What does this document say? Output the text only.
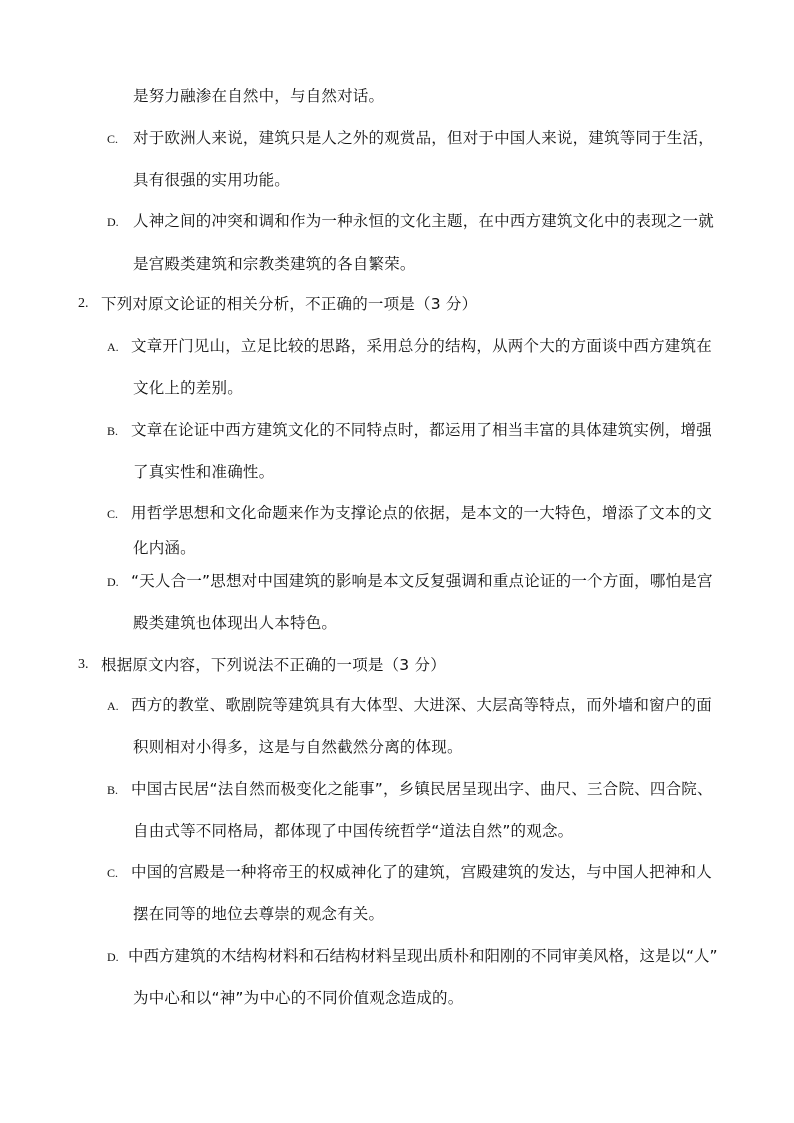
是努力融渗在自然中，与自然对话。
C. 对于欧洲人来说，建筑只是人之外的观赏品，但对于中国人来说，建筑等同于生活，
具有很强的实用功能。
D. 人神之间的冲突和调和作为一种永恒的文化主题，在中西方建筑文化中的表现之一就
是宫殿类建筑和宗教类建筑的各自繁荣。
2. 下列对原文论证的相关分析，不正确的一项是（3 分）
A. 文章开门见山，立足比较的思路，采用总分的结构，从两个大的方面谈中西方建筑在
文化上的差别。
B. 文章在论证中西方建筑文化的不同特点时，都运用了相当丰富的具体建筑实例，增强
了真实性和准确性。
C. 用哲学思想和文化命题来作为支撑论点的依据，是本文的一大特色，增添了文本的文
化内涵。
D. “天人合一”思想对中国建筑的影响是本文反复强调和重点论证的一个方面，哪怕是宫
殿类建筑也体现出人本特色。
3. 根据原文内容，下列说法不正确的一项是（3 分）
A. 西方的教堂、歌剧院等建筑具有大体型、大进深、大层高等特点，而外墙和窗户的面
积则相对小得多，这是与自然截然分离的体现。
B. 中国古民居“法自然而极变化之能事”，乡镇民居呈现出字、曲尺、三合院、四合院、
自由式等不同格局，都体现了中国传统哲学“道法自然”的观念。
C. 中国的宫殿是一种将帝王的权威神化了的建筑，宫殿建筑的发达，与中国人把神和人
摆在同等的地位去尊崇的观念有关。
D. 中西方建筑的木结构材料和石结构材料呈现出质朴和阳刚的不同审美风格，这是以“人”
为中心和以“神”为中心的不同价值观念造成的。
